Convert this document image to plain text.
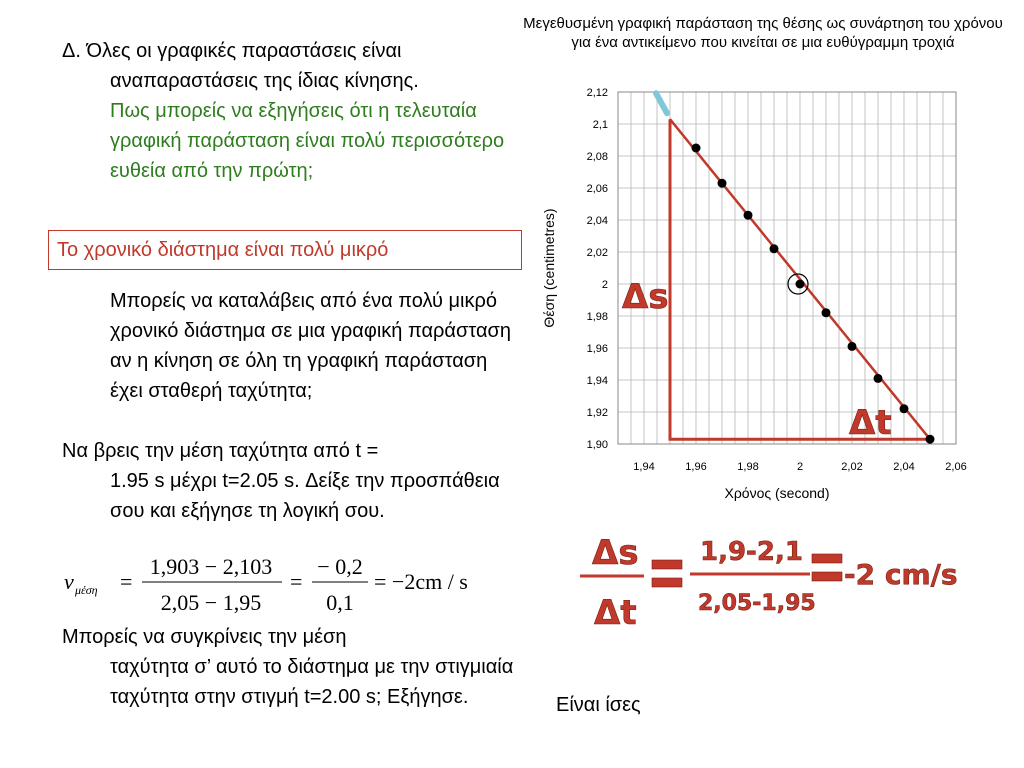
Δ. Όλες οι γραφικές παραστάσεις είναι αναπαραστάσεις της ίδιας κίνησης.
Πως μπορείς να εξηγήσεις ότι η τελευταία γραφική παράσταση είναι πολύ περισσότερο ευθεία από την πρώτη;
Το χρονικό διάστημα είναι πολύ μικρό
Μπορείς να καταλάβεις από ένα πολύ μικρό χρονικό διάστημα σε μια γραφική παράσταση αν η κίνηση σε όλη τη γραφική παράσταση έχει σταθερή ταχύτητα;
Να βρεις την μέση ταχύτητα από t =
1.95 s μέχρι t=2.05 s. Δείξε την προσπάθεια σου και εξήγησε τη λογική σου.
v μέση =
1,903 − 2,103
2,05 − 1,95
=
− 0,2
0,1
= −2cm / s
Μπορείς να συγκρίνεις την μέση
ταχύτητα σ’ αυτό το διάστημα με την στιγμιαία ταχύτητα στην στιγμή t=2.00 s; Εξήγησε.
Μεγεθυσμένη γραφική παράσταση της θέσης ως συνάρτηση του χρόνου για ένα αντικείμενο που κινείται σε μια ευθύγραμμη τροχιά
1,90
1,92
1,94
1,96
1,98
2
2,02
2,04
2,06
2,08
2,1
2,12
1,94	1,96	1,98	2	2,02	2,04	2,06
Θέση (centimetres)
Χρόνος (second)
Δs
Δt
Δs
Δt
1,9-2,1
2,05-1,95
-2 cm/s
Είναι ίσες
